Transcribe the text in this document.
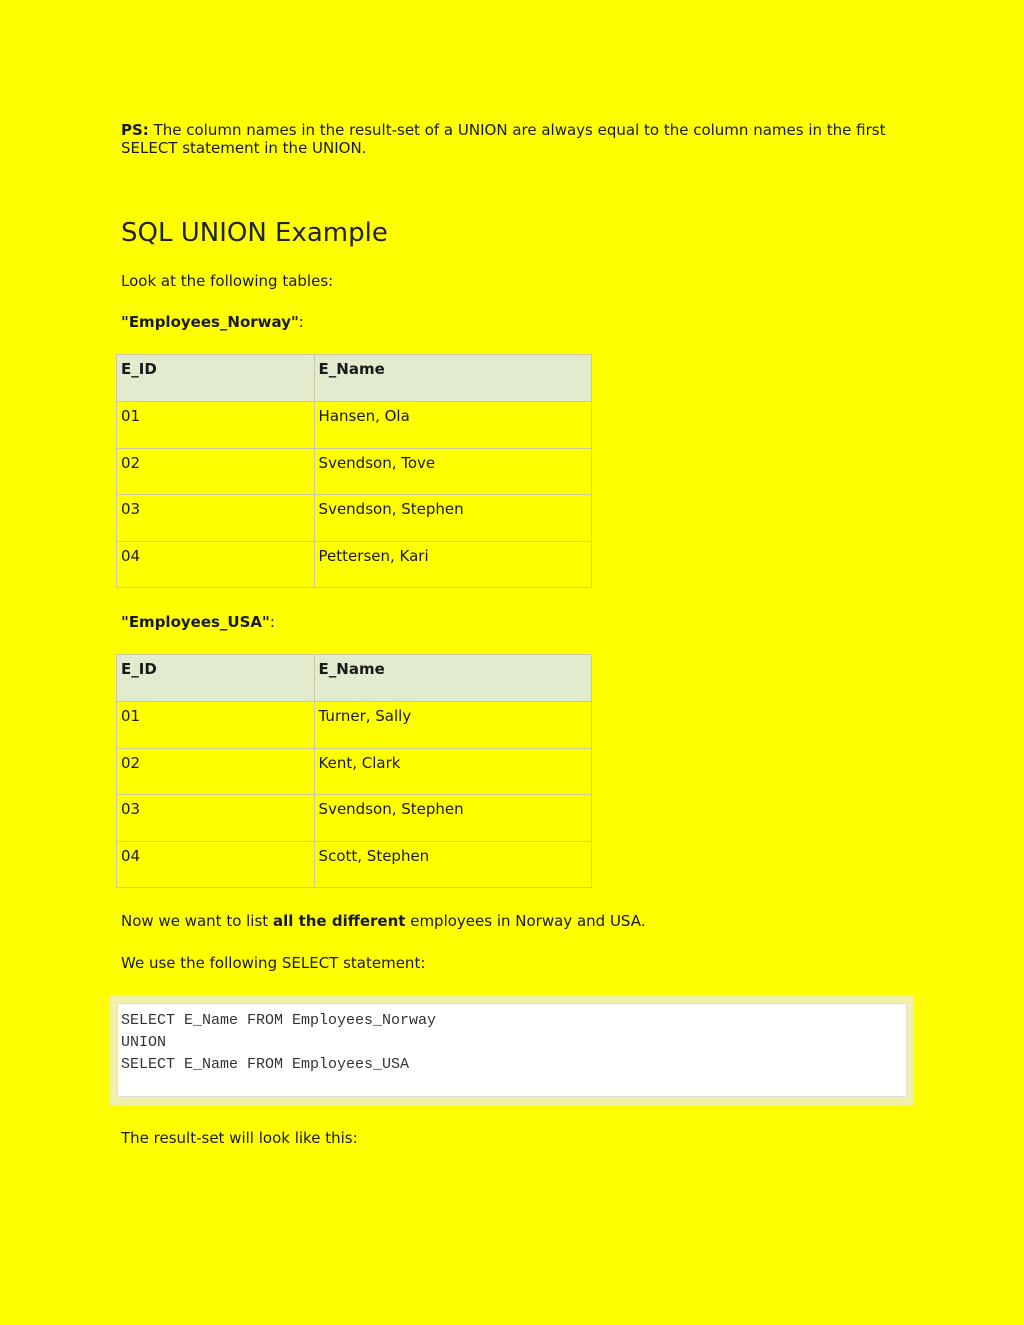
PS: The column names in the result-set of a UNION are always equal to the column names in the first SELECT statement in the UNION.

SQL UNION Example

Look at the following tables:

"Employees_Norway":

E_ID	E_Name
01	Hansen, Ola
02	Svendson, Tove
03	Svendson, Stephen
04	Pettersen, Kari

"Employees_USA":

E_ID	E_Name
01	Turner, Sally
02	Kent, Clark
03	Svendson, Stephen
04	Scott, Stephen

Now we want to list all the different employees in Norway and USA.

We use the following SELECT statement:

SELECT E_Name FROM Employees_Norway
UNION
SELECT E_Name FROM Employees_USA

The result-set will look like this:
